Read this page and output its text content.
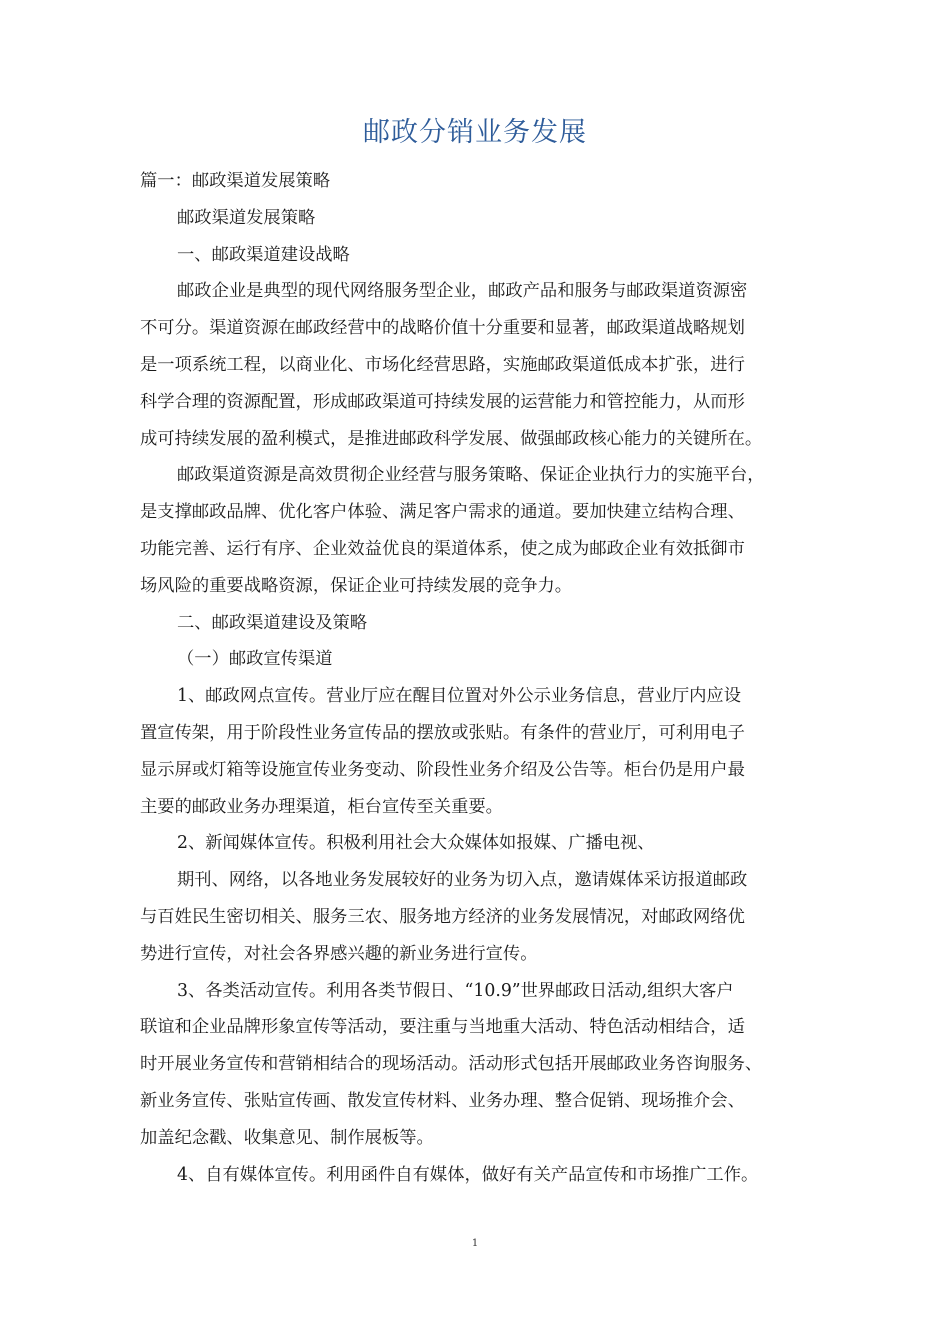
邮政分销业务发展
篇一：邮政渠道发展策略
邮政渠道发展策略
一、邮政渠道建设战略
邮政企业是典型的现代网络服务型企业，邮政产品和服务与邮政渠道资源密
不可分。渠道资源在邮政经营中的战略价值十分重要和显著，邮政渠道战略规划
是一项系统工程，以商业化、市场化经营思路，实施邮政渠道低成本扩张，进行
科学合理的资源配置，形成邮政渠道可持续发展的运营能力和管控能力，从而形
成可持续发展的盈利模式，是推进邮政科学发展、做强邮政核心能力的关键所在。
邮政渠道资源是高效贯彻企业经营与服务策略、保证企业执行力的实施平台，
是支撑邮政品牌、优化客户体验、满足客户需求的通道。要加快建立结构合理、
功能完善、运行有序、企业效益优良的渠道体系，使之成为邮政企业有效抵御市
场风险的重要战略资源，保证企业可持续发展的竞争力。
二、邮政渠道建设及策略
（一）邮政宣传渠道
1、邮政网点宣传。营业厅应在醒目位置对外公示业务信息，营业厅内应设
置宣传架，用于阶段性业务宣传品的摆放或张贴。有条件的营业厅，可利用电子
显示屏或灯箱等设施宣传业务变动、阶段性业务介绍及公告等。柜台仍是用户最
主要的邮政业务办理渠道，柜台宣传至关重要。
2、新闻媒体宣传。积极利用社会大众媒体如报媒、广播电视、
期刊、网络，以各地业务发展较好的业务为切入点，邀请媒体采访报道邮政
与百姓民生密切相关、服务三农、服务地方经济的业务发展情况，对邮政网络优
势进行宣传，对社会各界感兴趣的新业务进行宣传。
3、各类活动宣传。利用各类节假日、“10.9”世界邮政日活动,组织大客户
联谊和企业品牌形象宣传等活动，要注重与当地重大活动、特色活动相结合，适
时开展业务宣传和营销相结合的现场活动。活动形式包括开展邮政业务咨询服务、
新业务宣传、张贴宣传画、散发宣传材料、业务办理、整合促销、现场推介会、
加盖纪念戳、收集意见、制作展板等。
4、自有媒体宣传。利用函件自有媒体，做好有关产品宣传和市场推广工作。
1
